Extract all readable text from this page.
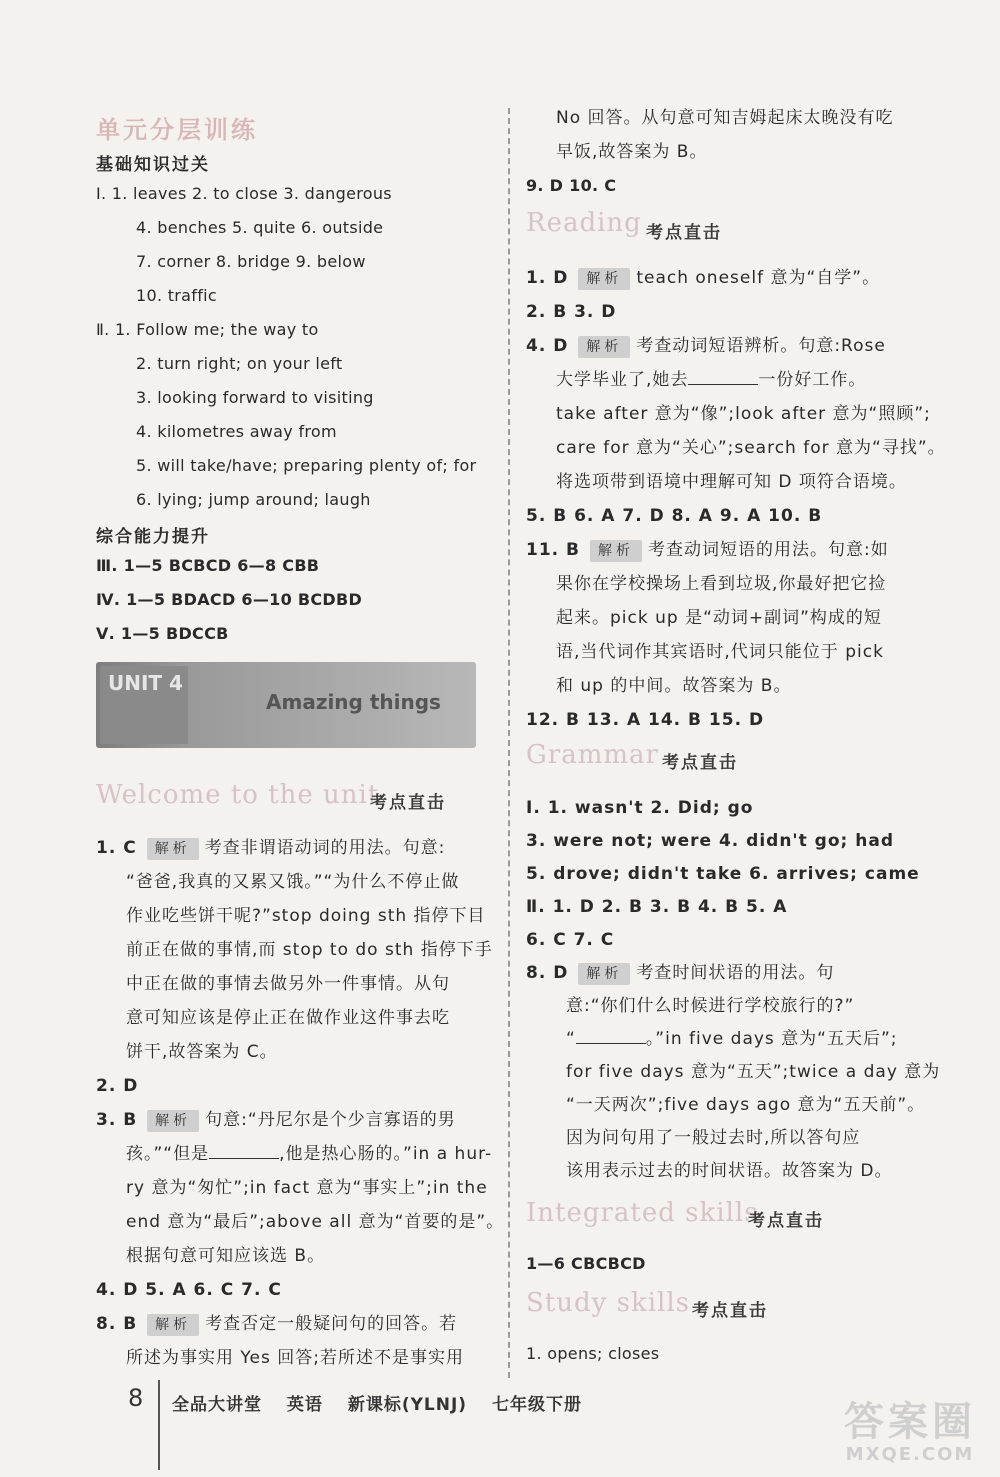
单元分层训练
基础知识过关
Ⅰ. 1. leaves 2. to close 3. dangerous
4. benches 5. quite 6. outside
7. corner 8. bridge 9. below
10. traffic
Ⅱ. 1. Follow me; the way to
2. turn right; on your left
3. looking forward to visiting
4. kilometres away from
5. will take/have; preparing plenty of; for
6. lying; jump around; laugh
综合能力提升
Ⅲ. 1—5 BCBCD 6—8 CBB
Ⅳ. 1—5 BDACD 6—10 BCDBD
Ⅴ. 1—5 BDCCB
UNIT 4
Amazing things
Welcome to the unit
考点直击
1. C 解析 考查非谓语动词的用法。句意:
“爸爸,我真的又累又饿。”“为什么不停止做
作业吃些饼干呢?”stop doing sth 指停下目
前正在做的事情,而 stop to do sth 指停下手
中正在做的事情去做另外一件事情。从句
意可知应该是停止正在做作业这件事去吃
饼干,故答案为 C。
2. D
3. B 解析 句意:“丹尼尔是个少言寡语的男
孩。”“但是	,他是热心肠的。”in a hur-
ry 意为“匆忙”;in fact 意为“事实上”;in the
end 意为“最后”;above all 意为“首要的是”。
根据句意可知应该选 B。
4. D 5. A 6. C 7. C
8. B 解析 考查否定一般疑问句的回答。若
所述为事实用 Yes 回答;若所述不是事实用
No 回答。从句意可知吉姆起床太晚没有吃
早饭,故答案为 B。
9. D 10. C
Reading 考点直击
1. D 解析 teach oneself 意为“自学”。
2. B 3. D
4. D 解析 考查动词短语辨析。句意:Rose
大学毕业了,她去	一份好工作。
take after 意为“像”;look after 意为“照顾”;
care for 意为“关心”;search for 意为“寻找”。
将选项带到语境中理解可知 D 项符合语境。
5. B 6. A 7. D 8. A 9. A 10. B
11. B 解析 考查动词短语的用法。句意:如
果你在学校操场上看到垃圾,你最好把它捡
起来。pick up 是“动词+副词”构成的短
语,当代词作其宾语时,代词只能位于 pick
和 up 的中间。故答案为 B。
12. B 13. A 14. B 15. D
Grammar 考点直击
Ⅰ. 1. wasn't 2. Did; go
3. were not; were 4. didn't go; had
5. drove; didn't take 6. arrives; came
Ⅱ. 1. D 2. B 3. B 4. B 5. A
6. C 7. C
8. D 解析 考查时间状语的用法。句
意:“你们什么时候进行学校旅行的?”
“	。”in five days 意为“五天后”;
for five days 意为“五天”;twice a day 意为
“一天两次”;five days ago 意为“五天前”。
因为问句用了一般过去时,所以答句应
该用表示过去的时间状语。故答案为 D。
Integrated skills
考点直击
1—6 CBCBCD
Study skills 考点直击
1. opens; closes
8 全品大讲堂 英语 新课标(YLNJ) 七年级下册	答案圈
MXQE.COM
